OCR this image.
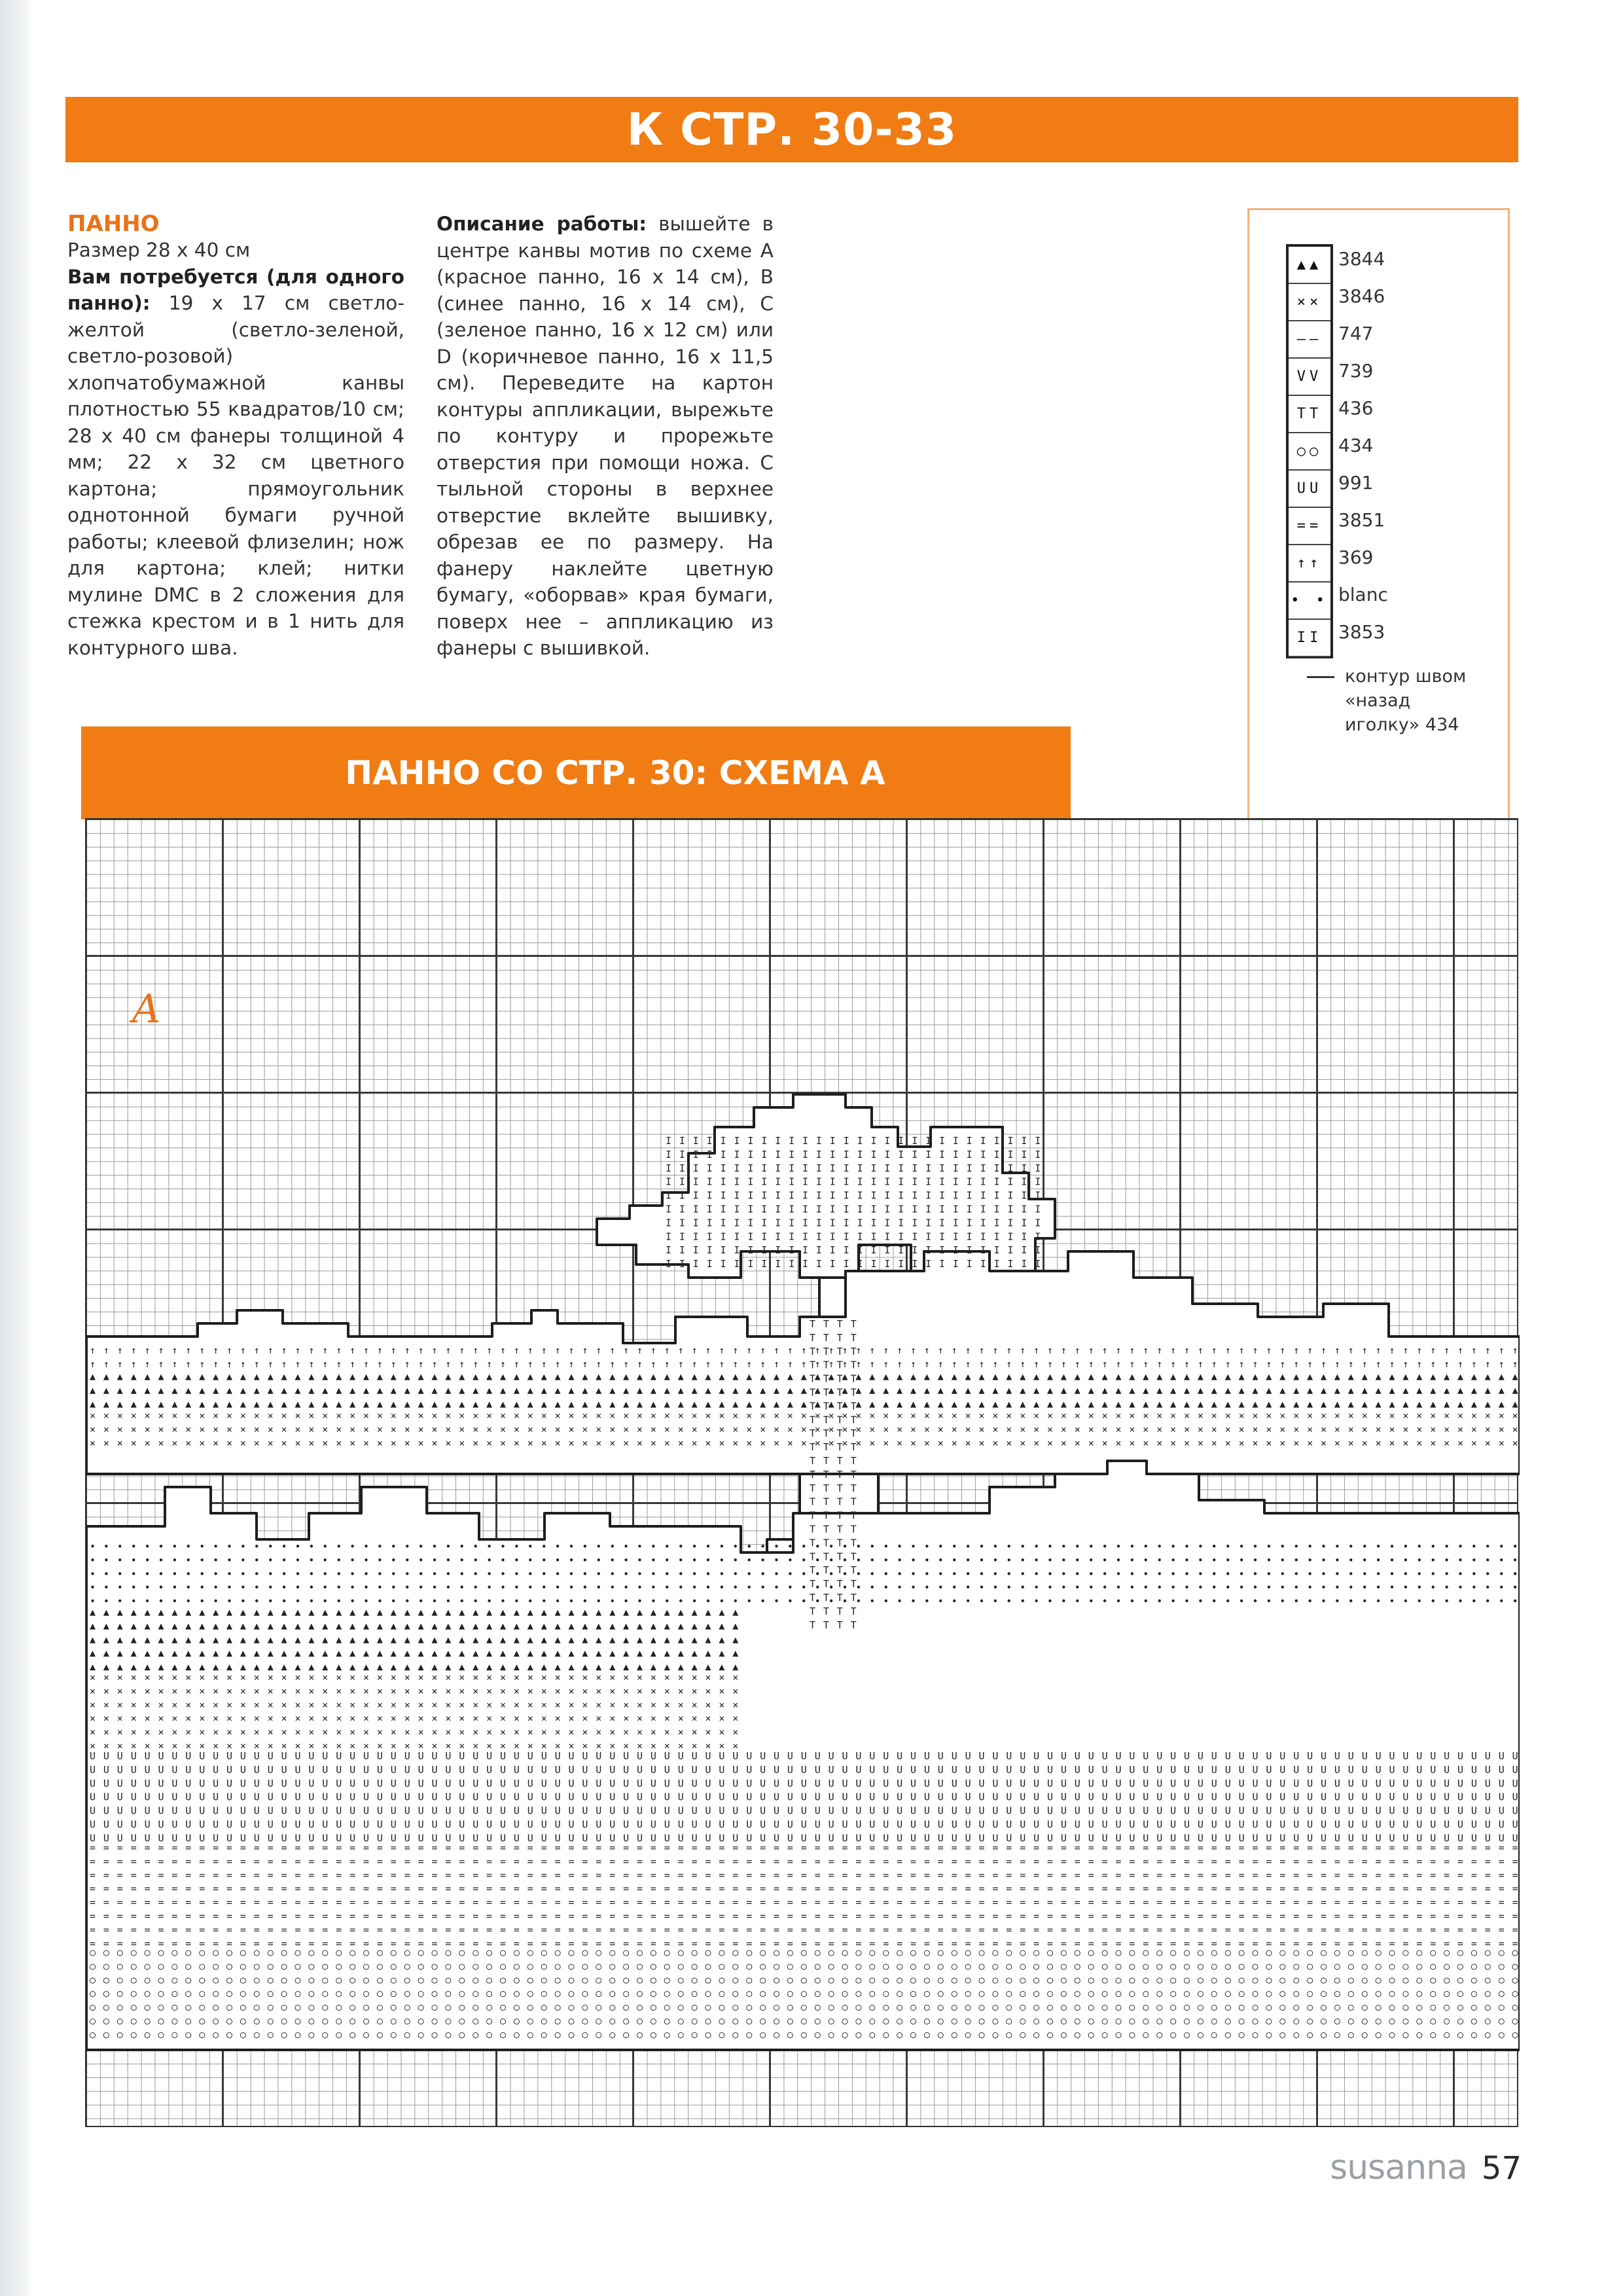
К СТР. 30-33
ПАННО
Размер 28 х 40 см
Вам потребуется (для одного панно): 19 х 17 см светло-желтой (светло-зеленой, светло-розовой) хлопчатобумажной канвы плотностью 55 квадратов/10 см; 28 х 40 см фанеры толщиной 4 мм; 22 х 32 см цветного картона; прямоугольник однотонной бумаги ручной работы; клеевой флизелин; нож для картона; клей; нитки мулине DMC в 2 сложения для стежка крестом и в 1 нить для контурного шва.
Описание работы: вышейте в центре канвы мотив по схеме А (красное панно, 16 х 14 см), В (синее панно, 16 х 14 см), С (зеленое панно, 16 х 12 см) или D (коричневое панно, 16 х 11,5 см). Переведите на картон контуры аппликации, вырежьте по контуру и прорежьте отверстия при помощи ножа. С тыльной стороны в верхнее отверстие вклейте вышивку, обрезав ее по размеру. На фанеру наклейте цветную бумагу, «оборвав» края бумаги, поверх нее – аппликацию из фанеры с вышивкой.
▲▲
××
––
VV
TT
○○
UU
==
↑↑
• •
II
3844
3846
747
739
436
434
991
3851
369
blanc
3853
контур швом «назад иголку» 434
ПАННО СО СТР. 30: СХЕМА А
A
↑ ↑ ↑ ↑ ↑ ↑ ↑ ↑ ↑ ↑ ↑ ↑ ↑ ↑ ↑ ↑ ↑ ↑ ↑ ↑ ↑ ↑ ↑ ↑ ↑ ↑ ↑ ↑ ↑ ↑ ↑ ↑ ↑ ↑ ↑ ↑ ↑ ↑ ↑ ↑ ↑ ↑ ↑ ↑ ↑ ↑ ↑ ↑ ↑ ↑ ↑ ↑ ↑ ↑ ↑ ↑ ↑ ↑ ↑ ↑ ↑ ↑ ↑ ↑ ↑ ↑ ↑ ↑ ↑ ↑ ↑ ↑ ↑ ↑ ↑ ↑ ↑ ↑ ↑ ↑ ↑ ↑ ↑ ↑ ↑ ↑ ↑ ↑ ↑ ↑ ↑ ↑ ↑ ↑ ↑ ↑ ↑ ↑ ↑ ↑ ↑ ↑ ↑ ↑ ↑
↑ ↑ ↑ ↑ ↑ ↑ ↑ ↑ ↑ ↑ ↑ ↑ ↑ ↑ ↑ ↑ ↑ ↑ ↑ ↑ ↑ ↑ ↑ ↑ ↑ ↑ ↑ ↑ ↑ ↑ ↑ ↑ ↑ ↑ ↑ ↑ ↑ ↑ ↑ ↑ ↑ ↑ ↑ ↑ ↑ ↑ ↑ ↑ ↑ ↑ ↑ ↑ ↑ ↑ ↑ ↑ ↑ ↑ ↑ ↑ ↑ ↑ ↑ ↑ ↑ ↑ ↑ ↑ ↑ ↑ ↑ ↑ ↑ ↑ ↑ ↑ ↑ ↑ ↑ ↑ ↑ ↑ ↑ ↑ ↑ ↑ ↑ ↑ ↑ ↑ ↑ ↑ ↑ ↑ ↑ ↑ ↑ ↑ ↑ ↑ ↑ ↑ ↑ ↑ ↑
▲ ▲ ▲ ▲ ▲ ▲ ▲ ▲ ▲ ▲ ▲ ▲ ▲ ▲ ▲ ▲ ▲ ▲ ▲ ▲ ▲ ▲ ▲ ▲ ▲ ▲ ▲ ▲ ▲ ▲ ▲ ▲ ▲ ▲ ▲ ▲ ▲ ▲ ▲ ▲ ▲ ▲ ▲ ▲ ▲ ▲ ▲ ▲ ▲ ▲ ▲ ▲ ▲ ▲ ▲ ▲ ▲ ▲ ▲ ▲ ▲ ▲ ▲ ▲ ▲ ▲ ▲ ▲ ▲ ▲ ▲ ▲ ▲ ▲ ▲ ▲ ▲ ▲ ▲ ▲ ▲ ▲ ▲ ▲ ▲ ▲ ▲ ▲ ▲ ▲ ▲ ▲ ▲ ▲ ▲ ▲ ▲ ▲ ▲ ▲ ▲ ▲ ▲ ▲ ▲
▲ ▲ ▲ ▲ ▲ ▲ ▲ ▲ ▲ ▲ ▲ ▲ ▲ ▲ ▲ ▲ ▲ ▲ ▲ ▲ ▲ ▲ ▲ ▲ ▲ ▲ ▲ ▲ ▲ ▲ ▲ ▲ ▲ ▲ ▲ ▲ ▲ ▲ ▲ ▲ ▲ ▲ ▲ ▲ ▲ ▲ ▲ ▲ ▲ ▲ ▲ ▲ ▲ ▲ ▲ ▲ ▲ ▲ ▲ ▲ ▲ ▲ ▲ ▲ ▲ ▲ ▲ ▲ ▲ ▲ ▲ ▲ ▲ ▲ ▲ ▲ ▲ ▲ ▲ ▲ ▲ ▲ ▲ ▲ ▲ ▲ ▲ ▲ ▲ ▲ ▲ ▲ ▲ ▲ ▲ ▲ ▲ ▲ ▲ ▲ ▲ ▲ ▲ ▲ ▲
▲ ▲ ▲ ▲ ▲ ▲ ▲ ▲ ▲ ▲ ▲ ▲ ▲ ▲ ▲ ▲ ▲ ▲ ▲ ▲ ▲ ▲ ▲ ▲ ▲ ▲ ▲ ▲ ▲ ▲ ▲ ▲ ▲ ▲ ▲ ▲ ▲ ▲ ▲ ▲ ▲ ▲ ▲ ▲ ▲ ▲ ▲ ▲ ▲ ▲ ▲ ▲ ▲ ▲ ▲ ▲ ▲ ▲ ▲ ▲ ▲ ▲ ▲ ▲ ▲ ▲ ▲ ▲ ▲ ▲ ▲ ▲ ▲ ▲ ▲ ▲ ▲ ▲ ▲ ▲ ▲ ▲ ▲ ▲ ▲ ▲ ▲ ▲ ▲ ▲ ▲ ▲ ▲ ▲ ▲ ▲ ▲ ▲ ▲ ▲ ▲ ▲ ▲ ▲ ▲
× × × × × × × × × × × × × × × × × × × × × × × × × × × × × × × × × × × × × × × × × × × × × × × × × × × × × × × × × × × × × × × × × × × × × × × × × × × × × × × × × × × × × × × × × × × × × × × × × × × × × × × × ×
× × × × × × × × × × × × × × × × × × × × × × × × × × × × × × × × × × × × × × × × × × × × × × × × × × × × × × × × × × × × × × × × × × × × × × × × × × × × × × × × × × × × × × × × × × × × × × × × × × × × × × × × ×
× × × × × × × × × × × × × × × × × × × × × × × × × × × × × × × × × × × × × × × × × × × × × × × × × × × × × × × × × × × × × × × × × × × × × × × × × × × × × × × × × × × × × × × × × × × × × × × × × × × × × × × × ×
• • • • • • • • • • • • • • • • • • • • • • • • • • • • • • • • • • • • • • • • • • • • • • • • • • • • • • • • • • • • • • • • • • • • • • • • • • • • • • • • • • • • • • • • • • • • • • • • • • • • • • • • •
• • • • • • • • • • • • • • • • • • • • • • • • • • • • • • • • • • • • • • • • • • • • • • • • • • • • • • • • • • • • • • • • • • • • • • • • • • • • • • • • • • • • • • • • • • • • • • • • • • • • • • • • •
• • • • • • • • • • • • • • • • • • • • • • • • • • • • • • • • • • • • • • • • • • • • • • • • • • • • • • • • • • • • • • • • • • • • • • • • • • • • • • • • • • • • • • • • • • • • • • • • • • • • • • • • •
• • • • • • • • • • • • • • • • • • • • • • • • • • • • • • • • • • • • • • • • • • • • • • • • • • • • • • • • • • • • • • • • • • • • • • • • • • • • • • • • • • • • • • • • • • • • • • • • • • • • • • • • •
• • • • • • • • • • • • • • • • • • • • • • • • • • • • • • • • • • • • • • • • • • • • • • • • • • • • • • • • • • • • • • • • • • • • • • • • • • • • • • • • • • • • • • • • • • • • • • • • • • • • • • • • •
▲ ▲ ▲ ▲ ▲ ▲ ▲ ▲ ▲ ▲ ▲ ▲ ▲ ▲ ▲ ▲ ▲ ▲ ▲ ▲ ▲ ▲ ▲ ▲ ▲ ▲ ▲ ▲ ▲ ▲ ▲ ▲ ▲ ▲ ▲ ▲ ▲ ▲ ▲ ▲ ▲ ▲ ▲ ▲ ▲ ▲ ▲ ▲
▲ ▲ ▲ ▲ ▲ ▲ ▲ ▲ ▲ ▲ ▲ ▲ ▲ ▲ ▲ ▲ ▲ ▲ ▲ ▲ ▲ ▲ ▲ ▲ ▲ ▲ ▲ ▲ ▲ ▲ ▲ ▲ ▲ ▲ ▲ ▲ ▲ ▲ ▲ ▲ ▲ ▲ ▲ ▲ ▲ ▲ ▲ ▲
▲ ▲ ▲ ▲ ▲ ▲ ▲ ▲ ▲ ▲ ▲ ▲ ▲ ▲ ▲ ▲ ▲ ▲ ▲ ▲ ▲ ▲ ▲ ▲ ▲ ▲ ▲ ▲ ▲ ▲ ▲ ▲ ▲ ▲ ▲ ▲ ▲ ▲ ▲ ▲ ▲ ▲ ▲ ▲ ▲ ▲ ▲ ▲
▲ ▲ ▲ ▲ ▲ ▲ ▲ ▲ ▲ ▲ ▲ ▲ ▲ ▲ ▲ ▲ ▲ ▲ ▲ ▲ ▲ ▲ ▲ ▲ ▲ ▲ ▲ ▲ ▲ ▲ ▲ ▲ ▲ ▲ ▲ ▲ ▲ ▲ ▲ ▲ ▲ ▲ ▲ ▲ ▲ ▲ ▲ ▲
▲ ▲ ▲ ▲ ▲ ▲ ▲ ▲ ▲ ▲ ▲ ▲ ▲ ▲ ▲ ▲ ▲ ▲ ▲ ▲ ▲ ▲ ▲ ▲ ▲ ▲ ▲ ▲ ▲ ▲ ▲ ▲ ▲ ▲ ▲ ▲ ▲ ▲ ▲ ▲ ▲ ▲ ▲ ▲ ▲ ▲ ▲ ▲
× × × × × × × × × × × × × × × × × × × × × × × × × × × × × × × × × × × × × × × × × × × × × × × ×
× × × × × × × × × × × × × × × × × × × × × × × × × × × × × × × × × × × × × × × × × × × × × × × ×
× × × × × × × × × × × × × × × × × × × × × × × × × × × × × × × × × × × × × × × × × × × × × × × ×
× × × × × × × × × × × × × × × × × × × × × × × × × × × × × × × × × × × × × × × × × × × × × × × ×
× × × × × × × × × × × × × × × × × × × × × × × × × × × × × × × × × × × × × × × × × × × × × × × ×
× × × × × × × × × × × × × × × × × × × × × × × × × × × × × × × × × × × × × × × × × × × × × × × ×
U U U U U U U U U U U U U U U U U U U U U U U U U U U U U U U U U U U U U U U U U U U U U U U U U U U U U U U U U U U U U U U U U U U U U U U U U U U U U U U U U U U U U U U U U U U U U U U U U U U U U U U U U
U U U U U U U U U U U U U U U U U U U U U U U U U U U U U U U U U U U U U U U U U U U U U U U U U U U U U U U U U U U U U U U U U U U U U U U U U U U U U U U U U U U U U U U U U U U U U U U U U U U U U U U U U
U U U U U U U U U U U U U U U U U U U U U U U U U U U U U U U U U U U U U U U U U U U U U U U U U U U U U U U U U U U U U U U U U U U U U U U U U U U U U U U U U U U U U U U U U U U U U U U U U U U U U U U U U
U U U U U U U U U U U U U U U U U U U U U U U U U U U U U U U U U U U U U U U U U U U U U U U U U U U U U U U U U U U U U U U U U U U U U U U U U U U U U U U U U U U U U U U U U U U U U U U U U U U U U U U U U
U U U U U U U U U U U U U U U U U U U U U U U U U U U U U U U U U U U U U U U U U U U U U U U U U U U U U U U U U U U U U U U U U U U U U U U U U U U U U U U U U U U U U U U U U U U U U U U U U U U U U U U U U
U U U U U U U U U U U U U U U U U U U U U U U U U U U U U U U U U U U U U U U U U U U U U U U U U U U U U U U U U U U U U U U U U U U U U U U U U U U U U U U U U U U U U U U U U U U U U U U U U U U U U U U U U
U U U U U U U U U U U U U U U U U U U U U U U U U U U U U U U U U U U U U U U U U U U U U U U U U U U U U U U U U U U U U U U U U U U U U U U U U U U U U U U U U U U U U U U U U U U U U U U U U U U U U U U U U
= = = = = = = = = = = = = = = = = = = = = = = = = = = = = = = = = = = = = = = = = = = = = = = = = = = = = = = = = = = = = = = = = = = = = = = = = = = = = = = = = = = = = = = = = = = = = = = = = = = = = = = = =
= = = = = = = = = = = = = = = = = = = = = = = = = = = = = = = = = = = = = = = = = = = = = = = = = = = = = = = = = = = = = = = = = = = = = = = = = = = = = = = = = = = = = = = = = = = = = = = = = = = = = = = = =
= = = = = = = = = = = = = = = = = = = = = = = = = = = = = = = = = = = = = = = = = = = = = = = = = = = = = = = = = = = = = = = = = = = = = = = = = = = = = = = = = = = = = = = = = = = = = = = = = = = = = = = = =
= = = = = = = = = = = = = = = = = = = = = = = = = = = = = = = = = = = = = = = = = = = = = = = = = = = = = = = = = = = = = = = = = = = = = = = = = = = = = = = = = = = = = = = = = = = = = = = = = = = = = = = = =
= = = = = = = = = = = = = = = = = = = = = = = = = = = = = = = = = = = = = = = = = = = = = = = = = = = = = = = = = = = = = = = = = = = = = = = = = = = = = = = = = = = = = = = = = = = = = = = = = = = = = = = = =
= = = = = = = = = = = = = = = = = = = = = = = = = = = = = = = = = = = = = = = = = = = = = = = = = = = = = = = = = = = = = = = = = = = = = = = = = = = = = = = = = = = = = = = = = = = = = = = = = = = = = = = = =
= = = = = = = = = = = = = = = = = = = = = = = = = = = = = = = = = = = = = = = = = = = = = = = = = = = = = = = = = = = = = = = = = = = = = = = = = = = = = = = = = = = = = = = = = = = = = = = = = = = = = = = = =
= = = = = = = = = = = = = = = = = = = = = = = = = = = = = = = = = = = = = = = = = = = = = = = = = = = = = = = = = = = = = = = = = = = = = = = = = = = = = = = = = = = = = = = = = = = = = = = = = = = = = = = = =
○ ○ ○ ○ ○ ○ ○ ○ ○ ○ ○ ○ ○ ○ ○ ○ ○ ○ ○ ○ ○ ○ ○ ○ ○ ○ ○ ○ ○ ○ ○ ○ ○ ○ ○ ○ ○ ○ ○ ○ ○ ○ ○ ○ ○ ○ ○ ○ ○ ○ ○ ○ ○ ○ ○ ○ ○ ○ ○ ○ ○ ○ ○ ○ ○ ○ ○ ○ ○ ○ ○ ○ ○ ○ ○ ○ ○ ○ ○ ○ ○ ○ ○ ○ ○ ○ ○ ○ ○ ○ ○ ○ ○ ○ ○ ○ ○ ○ ○ ○ ○ ○ ○ ○ ○
○ ○ ○ ○ ○ ○ ○ ○ ○ ○ ○ ○ ○ ○ ○ ○ ○ ○ ○ ○ ○ ○ ○ ○ ○ ○ ○ ○ ○ ○ ○ ○ ○ ○ ○ ○ ○ ○ ○ ○ ○ ○ ○ ○ ○ ○ ○ ○ ○ ○ ○ ○ ○ ○ ○ ○ ○ ○ ○ ○ ○ ○ ○ ○ ○ ○ ○ ○ ○ ○ ○ ○ ○ ○ ○ ○ ○ ○ ○ ○ ○ ○ ○ ○ ○ ○ ○ ○ ○ ○ ○ ○ ○ ○ ○ ○ ○ ○ ○ ○ ○ ○ ○ ○ ○
○ ○ ○ ○ ○ ○ ○ ○ ○ ○ ○ ○ ○ ○ ○ ○ ○ ○ ○ ○ ○ ○ ○ ○ ○ ○ ○ ○ ○ ○ ○ ○ ○ ○ ○ ○ ○ ○ ○ ○ ○ ○ ○ ○ ○ ○ ○ ○ ○ ○ ○ ○ ○ ○ ○ ○ ○ ○ ○ ○ ○ ○ ○ ○ ○ ○ ○ ○ ○ ○ ○ ○ ○ ○ ○ ○ ○ ○ ○ ○ ○ ○ ○ ○ ○ ○ ○ ○ ○ ○ ○ ○ ○ ○ ○ ○ ○ ○ ○ ○ ○ ○ ○ ○ ○
○ ○ ○ ○ ○ ○ ○ ○ ○ ○ ○ ○ ○ ○ ○ ○ ○ ○ ○ ○ ○ ○ ○ ○ ○ ○ ○ ○ ○ ○ ○ ○ ○ ○ ○ ○ ○ ○ ○ ○ ○ ○ ○ ○ ○ ○ ○ ○ ○ ○ ○ ○ ○ ○ ○ ○ ○ ○ ○ ○ ○ ○ ○ ○ ○ ○ ○ ○ ○ ○ ○ ○ ○ ○ ○ ○ ○ ○ ○ ○ ○ ○ ○ ○ ○ ○ ○ ○ ○ ○ ○ ○ ○ ○ ○ ○ ○ ○ ○ ○ ○ ○ ○ ○ ○
○ ○ ○ ○ ○ ○ ○ ○ ○ ○ ○ ○ ○ ○ ○ ○ ○ ○ ○ ○ ○ ○ ○ ○ ○ ○ ○ ○ ○ ○ ○ ○ ○ ○ ○ ○ ○ ○ ○ ○ ○ ○ ○ ○ ○ ○ ○ ○ ○ ○ ○ ○ ○ ○ ○ ○ ○ ○ ○ ○ ○ ○ ○ ○ ○ ○ ○ ○ ○ ○ ○ ○ ○ ○ ○ ○ ○ ○ ○ ○ ○ ○ ○ ○ ○ ○ ○ ○ ○ ○ ○ ○ ○ ○ ○ ○ ○ ○ ○ ○ ○ ○ ○ ○ ○
○ ○ ○ ○ ○ ○ ○ ○ ○ ○ ○ ○ ○ ○ ○ ○ ○ ○ ○ ○ ○ ○ ○ ○ ○ ○ ○ ○ ○ ○ ○ ○ ○ ○ ○ ○ ○ ○ ○ ○ ○ ○ ○ ○ ○ ○ ○ ○ ○ ○ ○ ○ ○ ○ ○ ○ ○ ○ ○ ○ ○ ○ ○ ○ ○ ○ ○ ○ ○ ○ ○ ○ ○ ○ ○ ○ ○ ○ ○ ○ ○ ○ ○ ○ ○ ○ ○ ○ ○ ○ ○ ○ ○ ○ ○ ○ ○ ○ ○ ○ ○ ○ ○ ○ ○
○ ○ ○ ○ ○ ○ ○ ○ ○ ○ ○ ○ ○ ○ ○ ○ ○ ○ ○ ○ ○ ○ ○ ○ ○ ○ ○ ○ ○ ○ ○ ○ ○ ○ ○ ○ ○ ○ ○ ○ ○ ○ ○ ○ ○ ○ ○ ○ ○ ○ ○ ○ ○ ○ ○ ○ ○ ○ ○ ○ ○ ○ ○ ○ ○ ○ ○ ○ ○ ○ ○ ○ ○ ○ ○ ○ ○ ○ ○ ○ ○ ○ ○ ○ ○ ○ ○ ○ ○ ○ ○ ○ ○ ○ ○ ○ ○ ○ ○ ○ ○ ○ ○ ○ ○
I I I I I I I I I I I I I I I I I I I I I I I I I I I I
I I I I I I I I I I I I I I I I I I I I I I I I I I I I
I I I I I I I I I I I I I I I I I I I I I I I I I I I I
I I I I I I I I I I I I I I I I I I I I I I I I I I I I
I I I I I I I I I I I I I I I I I I I I I I I I I I I I
I I I I I I I I I I I I I I I I I I I I I I I I I I I I
I I I I I I I I I I I I I I I I I I I I I I I I I I I I
I I I I I I I I I I I I I I I I I I I I I I I I I I I I
I I I I I I I I I I I I I I I I I I I I I I I I I I I I
I I I I I I I I I I I I I I I I I I I I I I I I I I I I
T T T T
T T T T
T T T T
T T T T
T T T T
T T T T
T T T T
T T T T
T T T T
T T T T
T T T T
T T T T
T T T T
T T T T
T T T T
T T T T
T T T T
T T T T
T T T T
T T T T
T T T T
T T T T
T T T T
susanna 57
